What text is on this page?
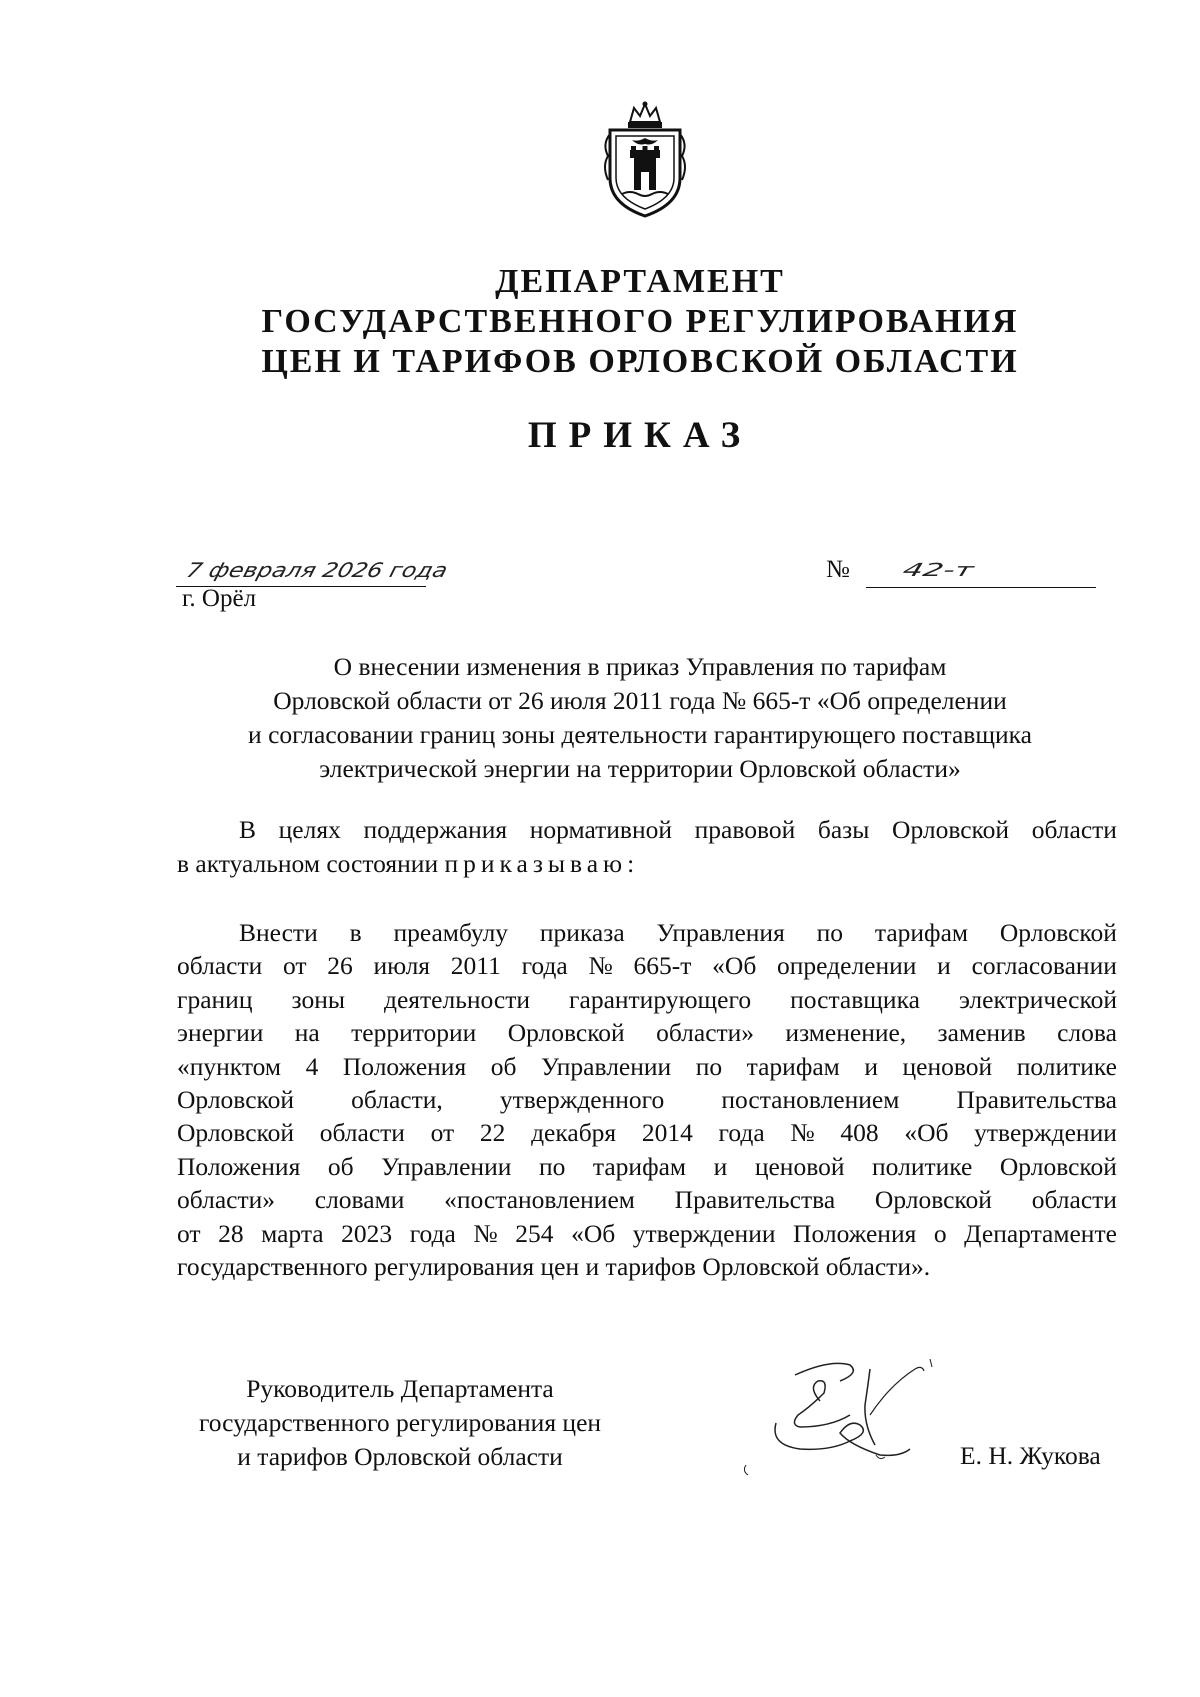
ДЕПАРТАМЕНТ
ГОСУДАРСТВЕННОГО РЕГУЛИРОВАНИЯ
ЦЕН И ТАРИФОВ ОРЛОВСКОЙ ОБЛАСТИ
ПРИКАЗ
7 февраля 2026 года
г. Орёл
№	42-т
О внесении изменения в приказ Управления по тарифам
Орловской области от 26 июля 2011 года № 665-т «Об определении
и согласовании границ зоны деятельности гарантирующего поставщика
электрической энергии на территории Орловской области»
В целях поддержания нормативной правовой базы Орловской области
в актуальном состоянии приказываю:
Внести в преамбулу приказа Управления по тарифам Орловской
области от 26 июля 2011 года № 665-т «Об определении и согласовании
границ зоны деятельности гарантирующего поставщика электрической
энергии на территории Орловской области» изменение, заменив слова
«пунктом 4 Положения об Управлении по тарифам и ценовой политике
Орловской области, утвержденного постановлением Правительства
Орловской области от 22 декабря 2014 года № 408 «Об утверждении
Положения об Управлении по тарифам и ценовой политике Орловской
области» словами «постановлением Правительства Орловской области
от 28 марта 2023 года № 254 «Об утверждении Положения о Департаменте
государственного регулирования цен и тарифов Орловской области».
Руководитель Департамента
государственного регулирования цен
и тарифов Орловской области	Е. Н. Жукова
